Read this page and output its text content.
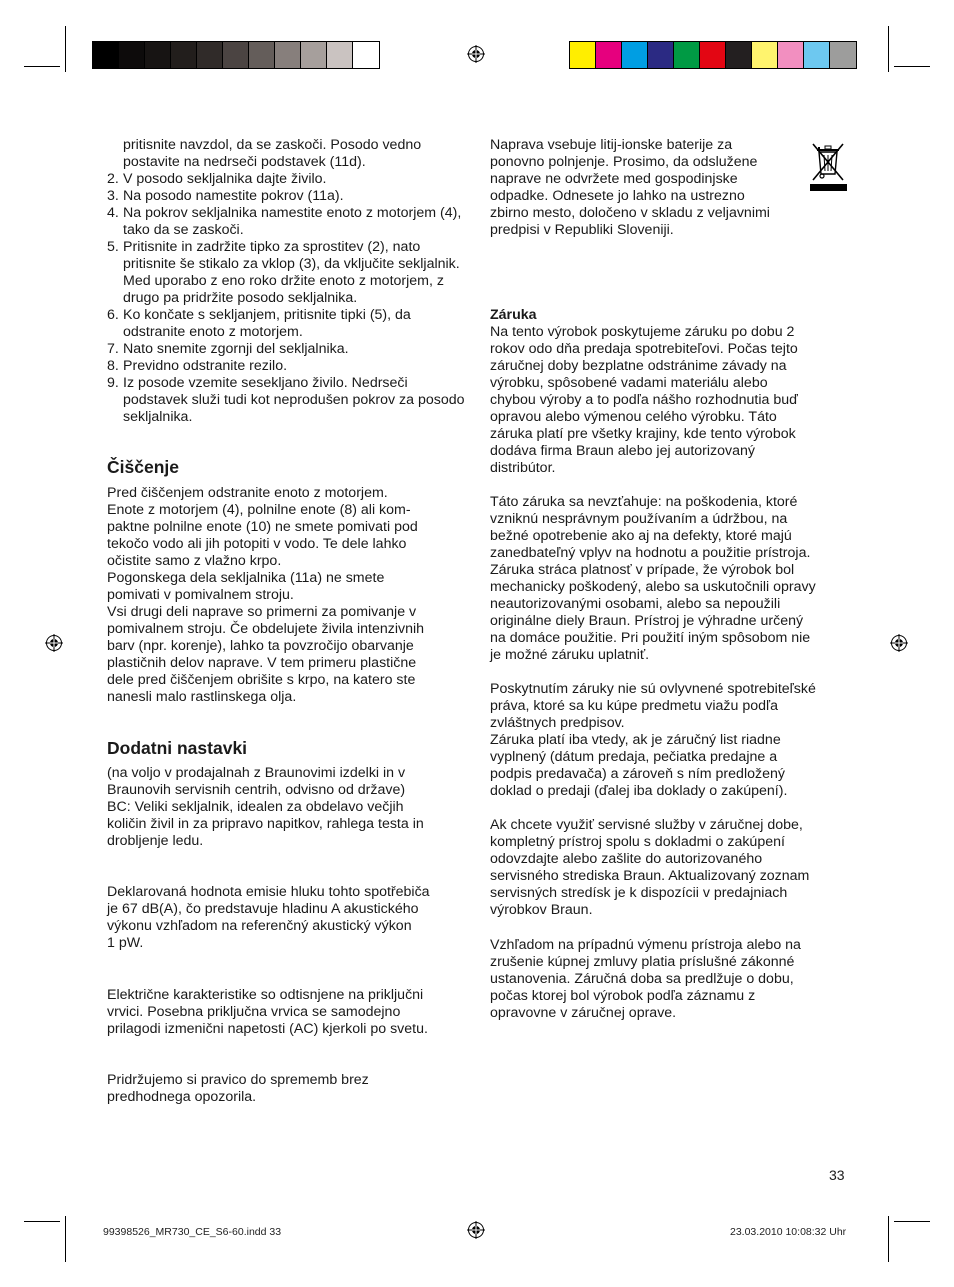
pritisnite navzdol, da se zaskoči. Posodo vedno postavite na nedrseči podstavek (11d).

2. V posodo sekljalnika dajte živilo.
3. Na posodo namestite pokrov (11a).
4. Na pokrov sekljalnika namestite enoto z motorjem (4), tako da se zaskoči.
5. Pritisnite in zadržite tipko za sprostitev (2), nato pritisnite še stikalo za vklop (3), da vključite sekljalnik. Med uporabo z eno roko držite enoto z motorjem, z drugo pa pridržite posodo sekljalnika.
6. Ko končate s sekljanjem, pritisnite tipki (5), da odstranite enoto z motorjem.
7. Nato snemite zgornji del sekljalnika.
8. Previdno odstranite rezilo.
9. Iz posode vzemite sesekljano živilo. Nedrseči podstavek služi tudi kot neprodušen pokrov za posodo sekljalnika.
Čiščenje
Pred čiščenjem odstranite enoto z motorjem.
Enote z motorjem (4), polnilne enote (8) ali kom-
paktne polnilne enote (10) ne smete pomivati pod
tekočo vodo ali jih potopiti v vodo. Te dele lahko
očistite samo z vlažno krpo.
Pogonskega dela sekljalnika (11a) ne smete
pomivati v pomivalnem stroju.
Vsi drugi deli naprave so primerni za pomivanje v
pomivalnem stroju. Če obdelujete živila intenzivnih
barv (npr. korenje), lahko ta povzročijo obarvanje
plastičnih delov naprave. V tem primeru plastične
dele pred čiščenjem obrišite s krpo, na katero ste
nanesli malo rastlinskega olja.
Dodatni nastavki
(na voljo v prodajalnah z Braunovimi izdelki in v
Braunovih servisnih centrih, odvisno od države)
BC: Veliki sekljalnik, idealen za obdelavo večjih
količin živil in za pripravo napitkov, rahlega testa in
drobljenje ledu.
Deklarovaná hodnota emisie hluku tohto spotřebiča
je 67 dB(A), čo predstavuje hladinu A akustického
výkonu vzhľadom na referenčný akustický výkon
1 pW.
Električne karakteristike so odtisnjene na priključni
vrvici. Posebna priključna vrvica se samodejno
prilagodi izmenični napetosti (AC) kjerkoli po svetu.
Pridržujemo si pravico do sprememb brez
predhodnega opozorila.
Naprava vsebuje litij-ionske baterije za
ponovno polnjenje. Prosimo, da odslužene
naprave ne odvržete med gospodinjske
odpadke. Odnesete jo lahko na ustrezno
zbirno mesto, določeno v skladu z veljavnimi
predpisi v Republiki Sloveniji.
Záruka
Na tento výrobok poskytujeme záruku po dobu 2
rokov odo dňa predaja spotrebiteľovi. Počas tejto
záručnej doby bezplatne odstránime závady na
výrobku, spôsobené vadami materiálu alebo
chybou výroby a to podľa nášho rozhodnutia buď
opravou alebo výmenou celého výrobku. Táto
záruka platí pre všetky krajiny, kde tento výrobok
dodáva firma Braun alebo jej autorizovaný
distribútor.
Táto záruka sa nevzťahuje: na poškodenia, ktoré
vzniknú nesprávnym používaním a údržbou, na
bežné opotrebenie ako aj na defekty, ktoré majú
zanedbateľný vplyv na hodnotu a použitie prístroja.
Záruka stráca platnosť v prípade, že výrobok bol
mechanicky poškodený, alebo sa uskutočnili opravy
neautorizovanými osobami, alebo sa nepoužili
originálne diely Braun. Prístroj je výhradne určený
na domáce použitie. Pri použití iným spôsobom nie
je možné záruku uplatniť.
Poskytnutím záruky nie sú ovlyvnené spotrebiteľské
práva, ktoré sa ku kúpe predmetu viažu podľa
zvláštnych predpisov.
Záruka platí iba vtedy, ak je záručný list riadne
vyplnený (dátum predaja, pečiatka predajne a
podpis predavača) a zároveň s ním predložený
doklad o predaji (ďalej iba doklady o zakúpení).
Ak chcete využiť servisné služby v záručnej dobe,
kompletný prístroj spolu s dokladmi o zakúpení
odovzdajte alebo zašlite do autorizovaného
servisného strediska Braun. Aktualizovaný zoznam
servisných stredísk je k dispozícii v predajniach
výrobkov Braun.
Vzhľadom na prípadnú výmenu prístroja alebo na
zrušenie kúpnej zmluvy platia príslušné zákonné
ustanovenia. Záručná doba sa predlžuje o dobu,
počas ktorej bol výrobok podľa záznamu z
opravovne v záručnej oprave.
33
99398526_MR730_CE_S6-60.indd 33	23.03.2010 10:08:32 Uhr
